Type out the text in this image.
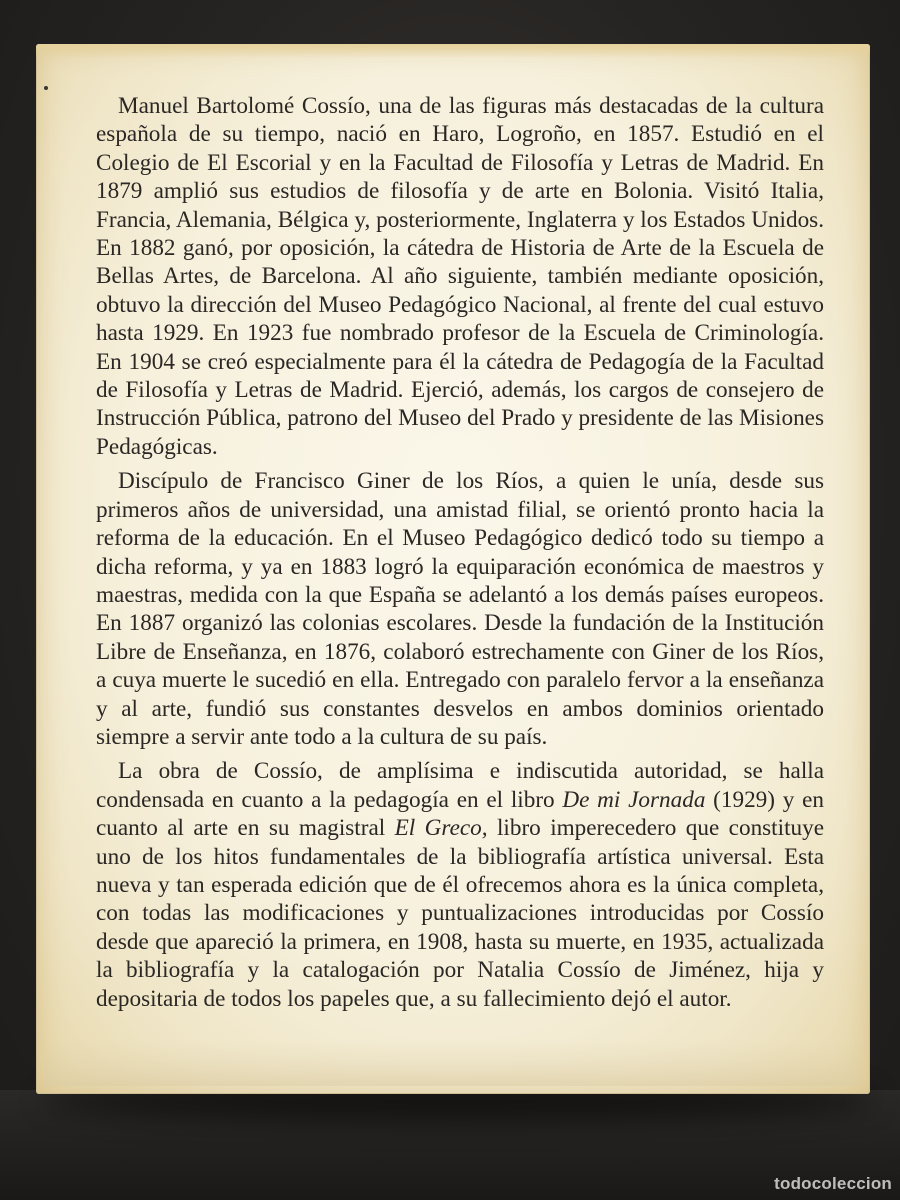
Manuel Bartolomé Cossío, una de las figuras más destacadas de la cultura española de su tiempo, nació en Haro, Logroño, en 1857. Estudió en el Colegio de El Escorial y en la Facultad de Filosofía y Letras de Madrid. En 1879 amplió sus estudios de filosofía y de arte en Bolonia. Visitó Italia, Francia, Alemania, Bélgica y, posteriormente, Inglaterra y los Estados Unidos. En 1882 ganó, por oposición, la cátedra de Historia de Arte de la Escuela de Bellas Artes, de Barcelona. Al año siguiente, también mediante oposición, obtuvo la dirección del Museo Pedagógico Nacional, al frente del cual estuvo hasta 1929. En 1923 fue nombrado profesor de la Escuela de Criminología. En 1904 se creó especialmente para él la cátedra de Pedagogía de la Facultad de Filosofía y Letras de Madrid. Ejerció, además, los cargos de consejero de Instrucción Pública, patrono del Museo del Prado y presidente de las Misiones Pedagógicas.

Discípulo de Francisco Giner de los Ríos, a quien le unía, desde sus primeros años de universidad, una amistad filial, se orientó pronto hacia la reforma de la educación. En el Museo Pedagógico dedicó todo su tiempo a dicha reforma, y ya en 1883 logró la equiparación económica de maestros y maestras, medida con la que España se adelantó a los demás países europeos. En 1887 organizó las colonias escolares. Desde la fundación de la Institución Libre de Enseñanza, en 1876, colaboró estrechamente con Giner de los Ríos, a cuya muerte le sucedió en ella. Entregado con paralelo fervor a la enseñanza y al arte, fundió sus constantes desvelos en ambos dominios orientado siempre a servir ante todo a la cultura de su país.

La obra de Cossío, de amplísima e indiscutida autoridad, se halla condensada en cuanto a la pedagogía en el libro De mi Jornada (1929) y en cuanto al arte en su magistral El Greco, libro imperecedero que constituye uno de los hitos fundamentales de la bibliografía artística universal. Esta nueva y tan esperada edición que de él ofrecemos ahora es la única completa, con todas las modificaciones y puntualizaciones introducidas por Cossío desde que apareció la primera, en 1908, hasta su muerte, en 1935, actualizada la bibliografía y la catalogación por Natalia Cossío de Jiménez, hija y depositaria de todos los papeles que, a su fallecimiento dejó el autor.

todocoleccion
